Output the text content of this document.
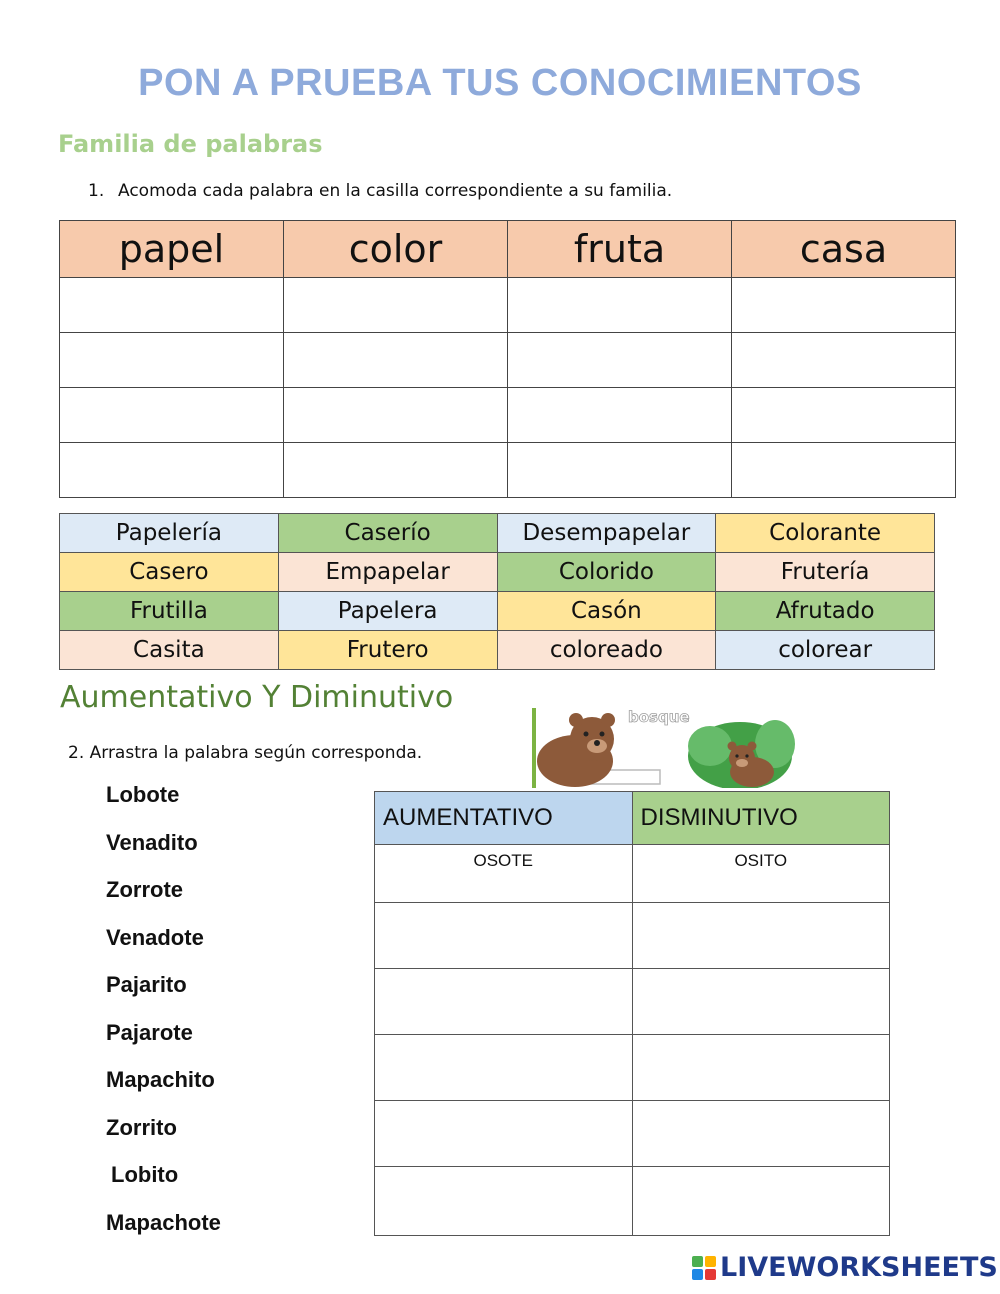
PON A PRUEBA TUS CONOCIMIENTOS
Familia de palabras
1. Acomoda cada palabra en la casilla correspondiente a su familia.
papel	color	fruta	casa

Papelería	Caserío	Desempapelar	Colorante
Casero	Empapelar	Colorido	Frutería
Frutilla	Papelera	Casón	Afrutado
Casita	Frutero	coloreado	colorear
Aumentativo Y Diminutivo
2. Arrastra la palabra según corresponda.
bosque
Lobote
Venadito
Zorrote
Venadote
Pajarito
Pajarote
Mapachito
Zorrito
Lobito
Mapachote
AUMENTATIVO	DISMINUTIVO
OSOTE	OSITO

LIVEWORKSHEETS
